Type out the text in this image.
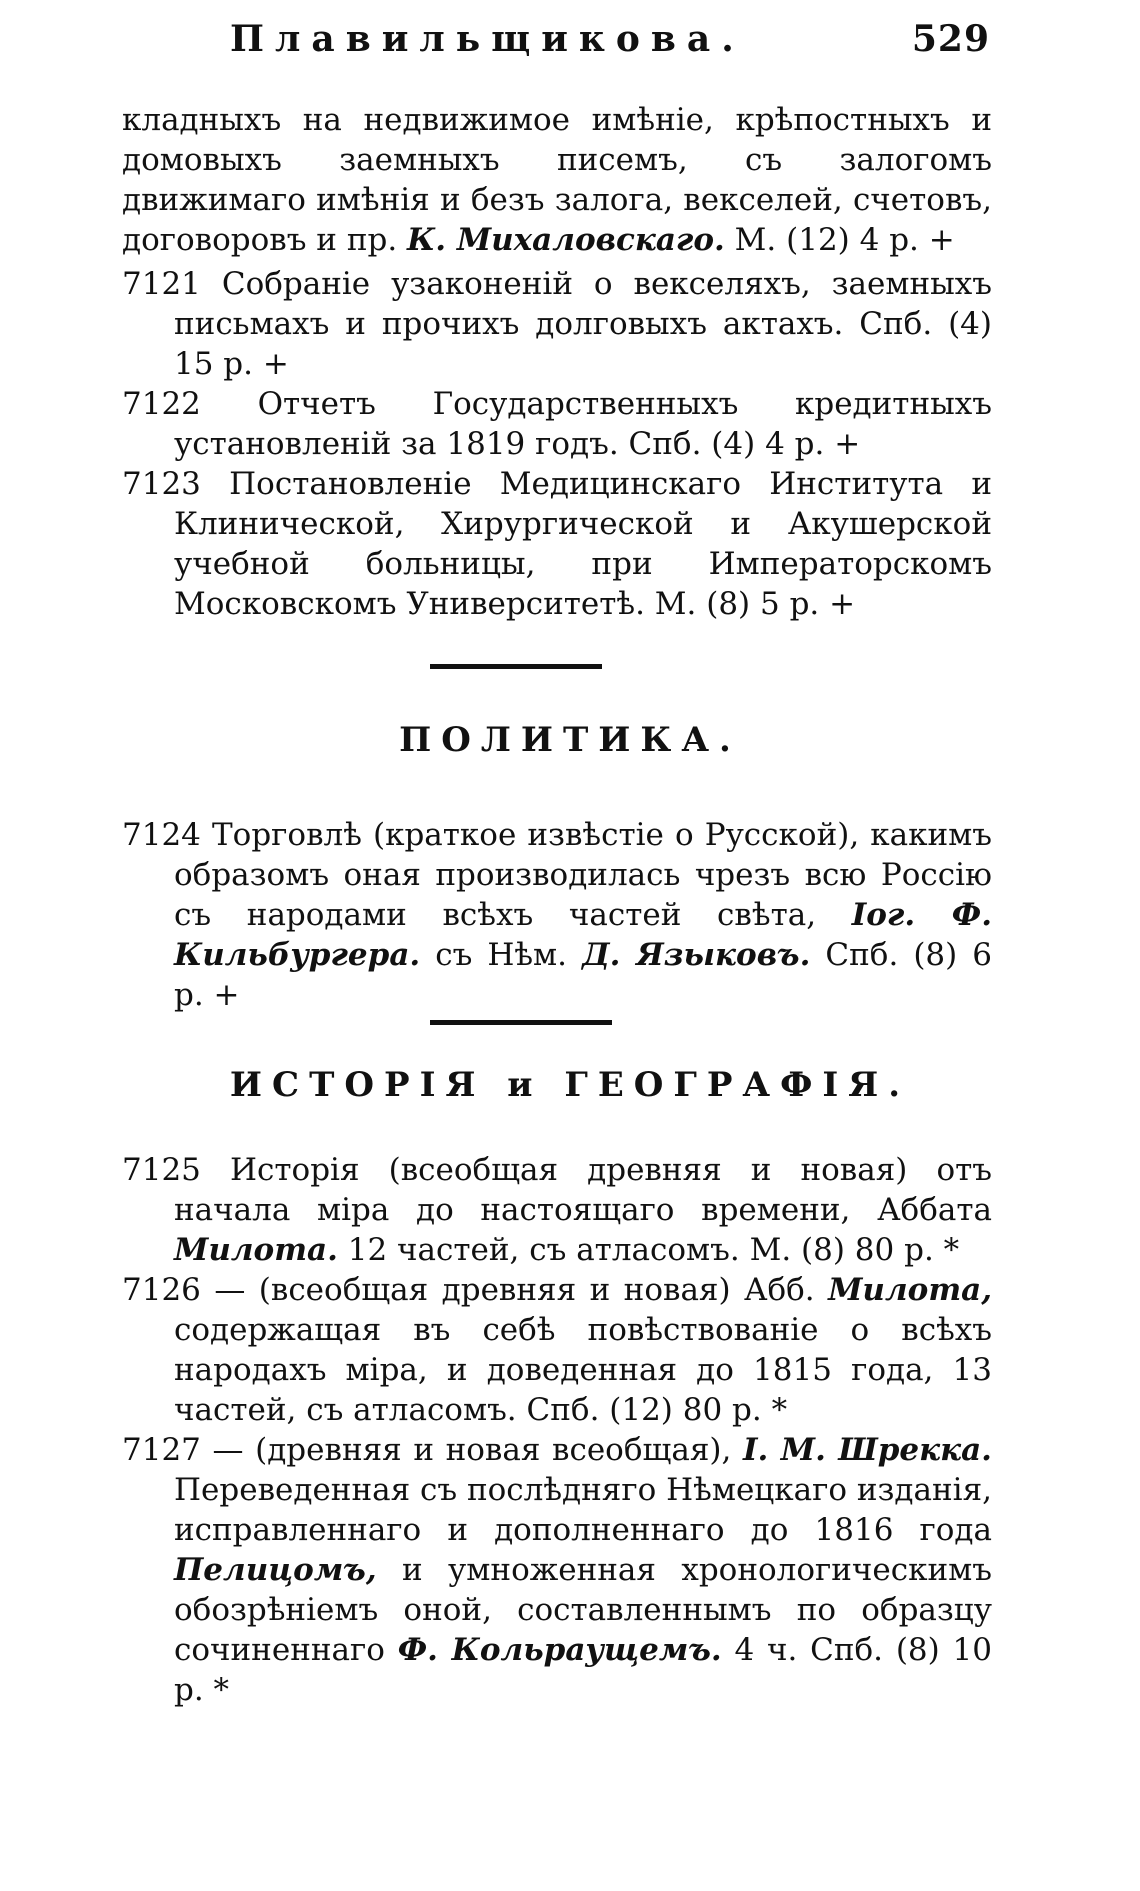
Плавильщикова.	529
кладныхъ на недвижимое имѣніе, крѣпостныхъ и домовыхъ заемныхъ писемъ, съ залогомъ движимаго имѣнія и безъ залога, векселей, счетовъ, договоровъ и пр. К. Михаловскаго. М. (12) 4 р. +
7121 Собраніе узаконеній о векселяхъ, заемныхъ письмахъ и прочихъ долговыхъ актахъ. Спб. (4) 15 р. +
7122 Отчетъ Государственныхъ кредитныхъ установленій за 1819 годъ. Спб. (4) 4 р. +
7123 Постановленіе Медицинскаго Института и Клинической, Хирургической и Акушерской учебной больницы, при Императорскомъ Московскомъ Университетѣ. М. (8) 5 р. +
ПОЛИТИКА.
7124 Торговлѣ (краткое извѣстіе о Русской), какимъ образомъ оная производилась чрезъ всю Россію съ народами всѣхъ частей свѣта, Іог. Ф. Кильбургера. съ Нѣм. Д. Языковъ. Спб. (8) 6 р. +
ИСТОРІЯ и ГЕОГРАФІЯ.
7125 Исторія (всеобщая древняя и новая) отъ начала міра до настоящаго времени, Аббата Милота. 12 частей, съ атласомъ. М. (8) 80 р. *
7126 — (всеобщая древняя и новая) Абб. Милота, содержащая въ себѣ повѣствованіе о всѣхъ народахъ міра, и доведенная до 1815 года, 13 частей, съ атласомъ. Спб. (12) 80 р. *
7127 — (древняя и новая всеобщая), I. М. Шрекка. Переведенная съ послѣдняго Нѣмецкаго изданія, исправленнаго и дополненнаго до 1816 года Пелицомъ, и умноженная хронологическимъ обозрѣніемъ оной, составленнымъ по образцу сочиненнаго Ф. Кольраущемъ. 4 ч. Спб. (8) 10 р. *
